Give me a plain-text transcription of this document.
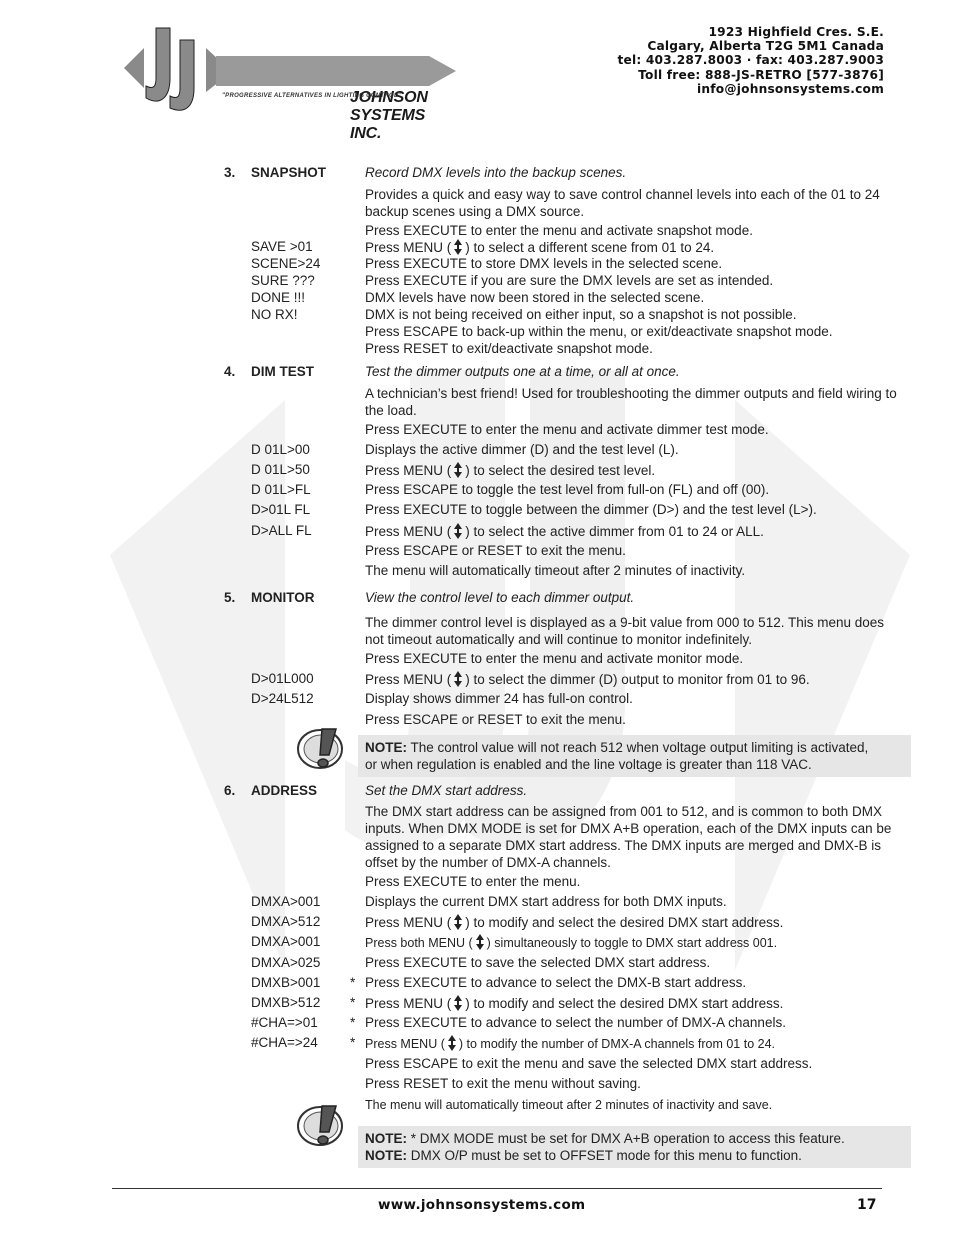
JOHNSON SYSTEMS INC.
"PROGRESSIVE ALTERNATIVES IN LIGHTING CONTROL"
1923 Highfield Cres. S.E.
Calgary, Alberta T2G 5M1 Canada
tel: 403.287.8003 · fax: 403.287.9003
Toll free: 888-JS-RETRO [577-3876]
info@johnsonsystems.com
3. SNAPSHOT	Record DMX levels into the backup scenes.
Provides a quick and easy way to save control channel levels into each of the 01 to 24 backup scenes using a DMX source.
Press EXECUTE to enter the menu and activate snapshot mode.
SAVE >01	Press MENU ( ) to select a different scene from 01 to 24.
SCENE>24	Press EXECUTE to store DMX levels in the selected scene.
SURE ???	Press EXECUTE if you are sure the DMX levels are set as intended.
DONE !!!	DMX levels have now been stored in the selected scene.
NO RX!	DMX is not being received on either input, so a snapshot is not possible.
Press ESCAPE to back-up within the menu, or exit/deactivate snapshot mode.
Press RESET to exit/deactivate snapshot mode.
4. DIM TEST	Test the dimmer outputs one at a time, or all at once.
A technician’s best friend! Used for troubleshooting the dimmer outputs and field wiring to the load.
Press EXECUTE to enter the menu and activate dimmer test mode.
D 01L>00	Displays the active dimmer (D) and the test level (L).
D 01L>50	Press MENU ( ) to select the desired test level.
D 01L>FL	Press ESCAPE to toggle the test level from full-on (FL) and off (00).
D>01L FL	Press EXECUTE to toggle between the dimmer (D>) and the test level (L>).
D>ALL FL	Press MENU ( ) to select the active dimmer from 01 to 24 or ALL.
Press ESCAPE or RESET to exit the menu.
The menu will automatically timeout after 2 minutes of inactivity.
5. MONITOR	View the control level to each dimmer output.
The dimmer control level is displayed as a 9-bit value from 000 to 512. This menu does not timeout automatically and will continue to monitor indefinitely.
Press EXECUTE to enter the menu and activate monitor mode.
D>01L000	Press MENU ( ) to select the dimmer (D) output to monitor from 01 to 96.
D>24L512	Display shows dimmer 24 has full-on control.
Press ESCAPE or RESET to exit the menu.
NOTE: The control value will not reach 512 when voltage output limiting is activated,
or when regulation is enabled and the line voltage is greater than 118 VAC.
6. ADDRESS	Set the DMX start address.
The DMX start address can be assigned from 001 to 512, and is common to both DMX inputs. When DMX MODE is set for DMX A+B operation, each of the DMX inputs can be assigned to a separate DMX start address. The DMX inputs are merged and DMX-B is offset by the number of DMX-A channels.
Press EXECUTE to enter the menu.
DMXA>001	Displays the current DMX start address for both DMX inputs.
DMXA>512	Press MENU ( ) to modify and select the desired DMX start address.
DMXA>001	Press both MENU ( ) simultaneously to toggle to DMX start address 001.
DMXA>025	Press EXECUTE to save the selected DMX start address.
DMXB>001 * Press EXECUTE to advance to select the DMX-B start address.
DMXB>512 * Press MENU ( ) to modify and select the desired DMX start address.
#CHA=>01 * Press EXECUTE to advance to select the number of DMX-A channels.
#CHA=>24 * Press MENU ( ) to modify the number of DMX-A channels from 01 to 24.
Press ESCAPE to exit the menu and save the selected DMX start address.
Press RESET to exit the menu without saving.
The menu will automatically timeout after 2 minutes of inactivity and save.
NOTE: * DMX MODE must be set for DMX A+B operation to access this feature.
NOTE: DMX O/P must be set to OFFSET mode for this menu to function.
www.johnsonsystems.com	17
